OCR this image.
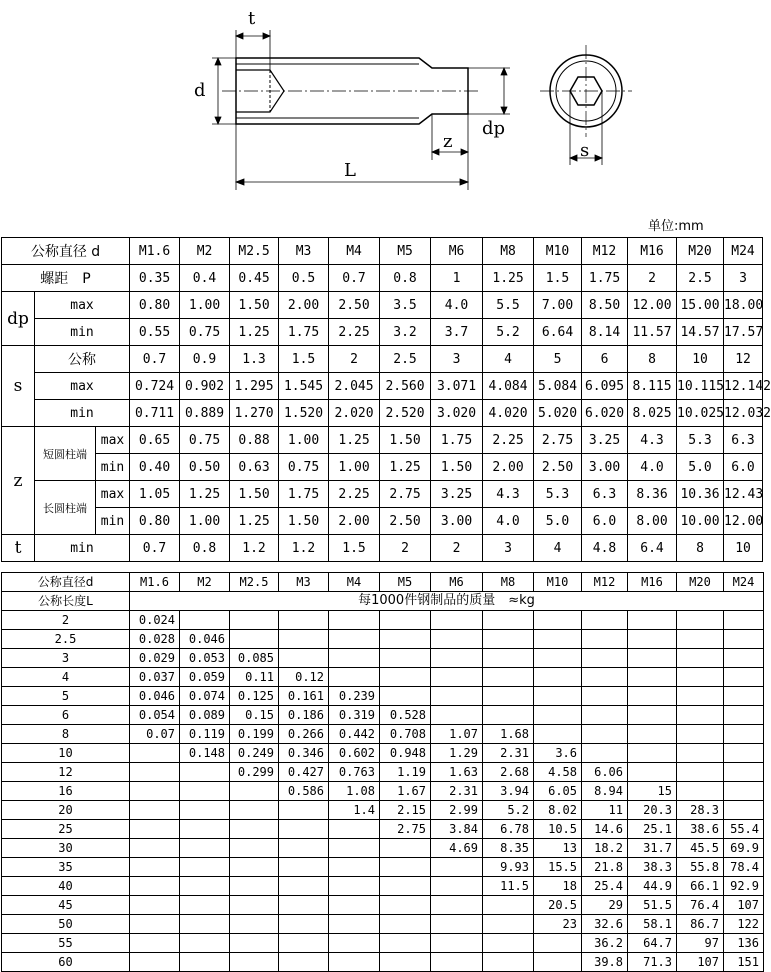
t
d
dp
z
L
s
单位:mm
公称直径 d			M1.6	M2	M2.5	M3	M4	M5	M6	M8	M10	M12	M16	M20	M24
螺距　P			0.35	0.4	0.45	0.5	0.7	0.8	1	1.25	1.5	1.75	2	2.5	3
dp	max		0.80	1.00	1.50	2.00	2.50	3.5	4.0	5.5	7.00	8.50	12.00	15.00	18.00
	min		0.55	0.75	1.25	1.75	2.25	3.2	3.7	5.2	6.64	8.14	11.57	14.57	17.57
s	公称		0.7	0.9	1.3	1.5	2	2.5	3	4	5	6	8	10	12
	max		0.724	0.902	1.295	1.545	2.045	2.560	3.071	4.084	5.084	6.095	8.115	10.115	12.142
	min		0.711	0.889	1.270	1.520	2.020	2.520	3.020	4.020	5.020	6.020	8.025	10.025	12.032
z	短圆柱端	max	0.65	0.75	0.88	1.00	1.25	1.50	1.75	2.25	2.75	3.25	4.3	5.3	6.3
		min	0.40	0.50	0.63	0.75	1.00	1.25	1.50	2.00	2.50	3.00	4.0	5.0	6.0
	长圆柱端	max	1.05	1.25	1.50	1.75	2.25	2.75	3.25	4.3	5.3	6.3	8.36	10.36	12.43
		min	0.80	1.00	1.25	1.50	2.00	2.50	3.00	4.0	5.0	6.0	8.00	10.00	12.00
t	min		0.7	0.8	1.2	1.2	1.5	2	2	3	4	4.8	6.4	8	10
公称直径d	M1.6	M2	M2.5	M3	M4	M5	M6	M8	M10	M12	M16	M20	M24
公称长度L	每1000件钢制品的质量　≈kg												
2	0.024												
2.5	0.028	0.046											
3	0.029	0.053	0.085										
4	0.037	0.059	0.11	0.12									
5	0.046	0.074	0.125	0.161	0.239								
6	0.054	0.089	0.15	0.186	0.319	0.528							
8	0.07	0.119	0.199	0.266	0.442	0.708	1.07	1.68					
10		0.148	0.249	0.346	0.602	0.948	1.29	2.31	3.6				
12			0.299	0.427	0.763	1.19	1.63	2.68	4.58	6.06			
16				0.586	1.08	1.67	2.31	3.94	6.05	8.94	15		
20					1.4	2.15	2.99	5.2	8.02	11	20.3	28.3	
25						2.75	3.84	6.78	10.5	14.6	25.1	38.6	55.4
30							4.69	8.35	13	18.2	31.7	45.5	69.9
35								9.93	15.5	21.8	38.3	55.8	78.4
40								11.5	18	25.4	44.9	66.1	92.9
45									20.5	29	51.5	76.4	107
50									23	32.6	58.1	86.7	122
55										36.2	64.7	97	136
60										39.8	71.3	107	151
